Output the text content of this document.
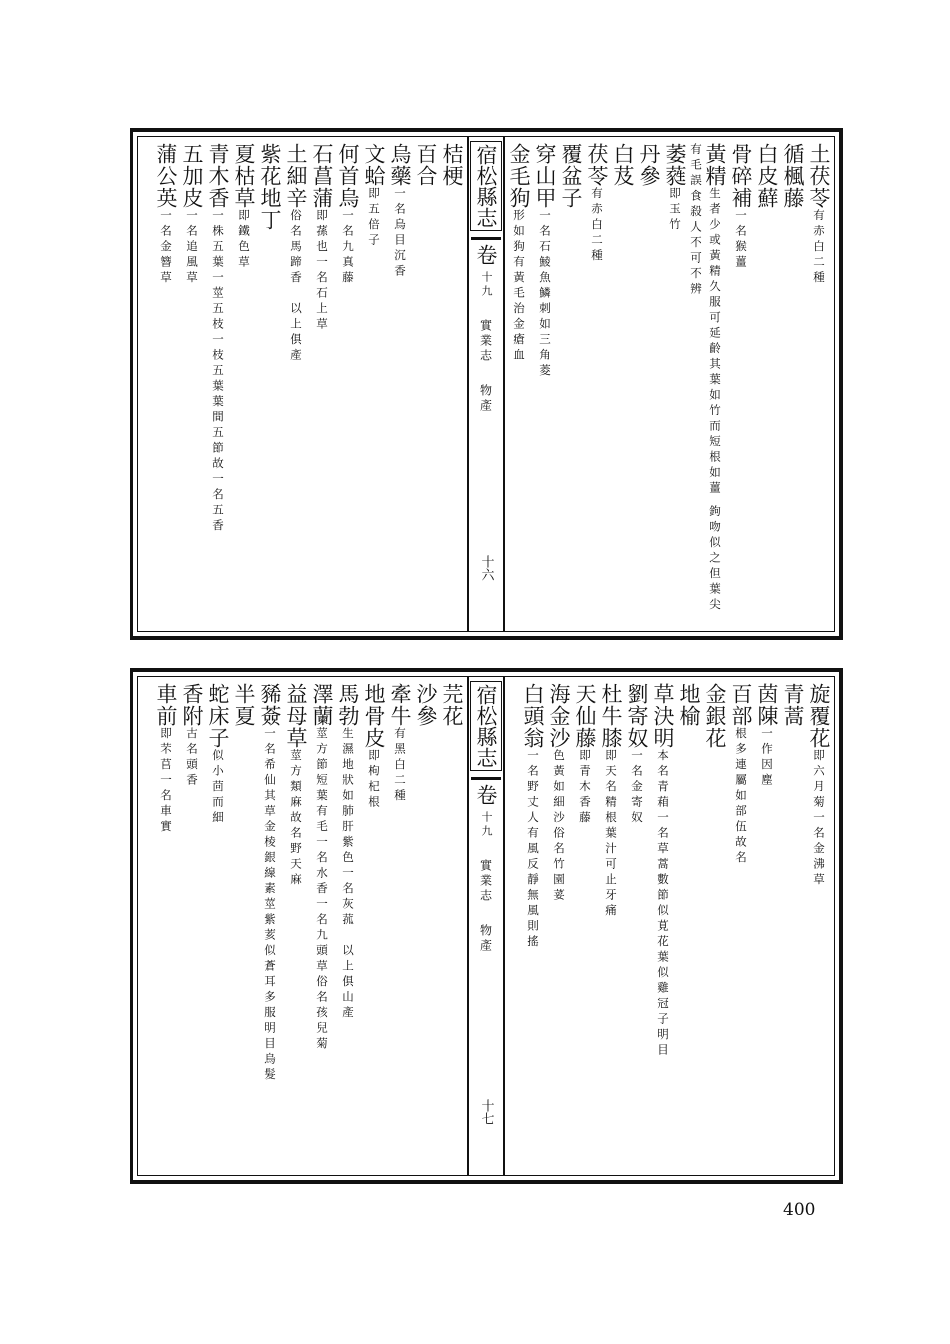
土茯苓有赤白二種
循楓藤
白皮蘚
骨碎補一名猴薑
黃精生者少或黃精久服可延齡其葉如竹而短根如薑 鉤吻似之但葉尖有毛誤食殺人不可不辨
萎蕤即玉竹
丹參
白芨
茯苓有赤白二種
覆盆子
穿山甲一名石鯪魚鱗刺如三角菱
金毛狗形如狗有黃毛治金瘡血
宿松縣志
卷
十九
實業志
物產
十六
桔梗
百合
烏藥一名烏目沉香
文蛤即五倍子
何首烏一名九真藤
石菖蒲即蓀也一名石上草
土細辛俗名馬蹄香　以上俱產
紫花地丁
夏枯草即鐵色草
青木香一株五葉一莖五枝一枝五葉葉間五節故一名五香
五加皮一名追風草
蒲公英一名金簪草
旋覆花即六月菊一名金沸草
青蒿
茵陳一作因塵
百部根多連屬如部伍故名
金銀花
地榆
草決明本名青葙一名草蒿數節似莧花葉似雞冠子明目
劉寄奴一名金寄奴
杜牛膝即天名精根葉汁可止牙痛
天仙藤即青木香藤
海金沙色黃如細沙俗名竹園荽
白頭翁一名野丈人有風反靜無風則搖
宿松縣志
卷
十九
實業志
物產
十七
芫花
沙參
牽牛有黑白二種
地骨皮即枸杞根
馬勃生濕地狀如肺肝紫色一名灰菰　以上俱山產
澤蘭莖方節短葉有毛一名水香一名九頭草俗名孩兒菊
益母草莖方類麻故名野天麻
豨薟一名希仙其草金棱銀線素莖紫荄似蒼耳多服明目烏髮
半夏
蛇床子似小茴而細
香附古名頭香
車前即芣苢一名車實
400
